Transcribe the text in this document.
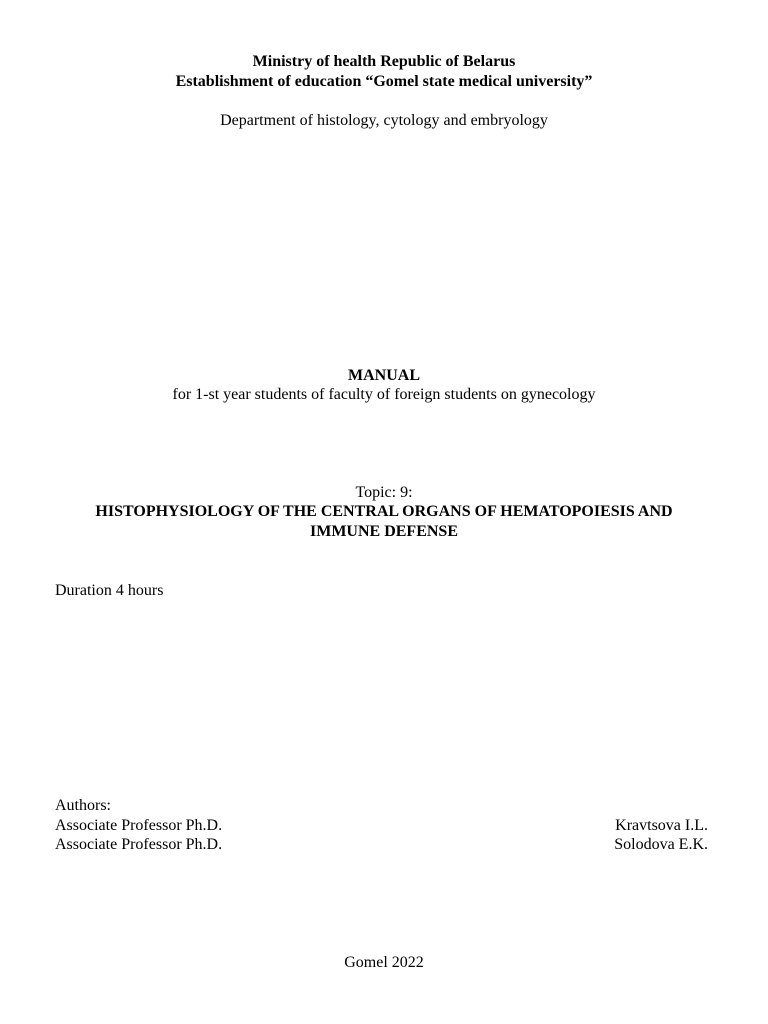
Ministry of health Republic of Belarus
Establishment of education “Gomel state medical university”
Department of histology, cytology and embryology
MANUAL
for 1-st year students of faculty of foreign students on gynecology
Topic: 9:
HISTOPHYSIOLOGY OF THE CENTRAL ORGANS OF HEMATOPOIESIS AND
IMMUNE DEFENSE
Duration 4 hours
Authors:
Associate Professor Ph.D.	Kravtsova I.L.
Associate Professor Ph.D.	Solodova E.K.
Gomel 2022
